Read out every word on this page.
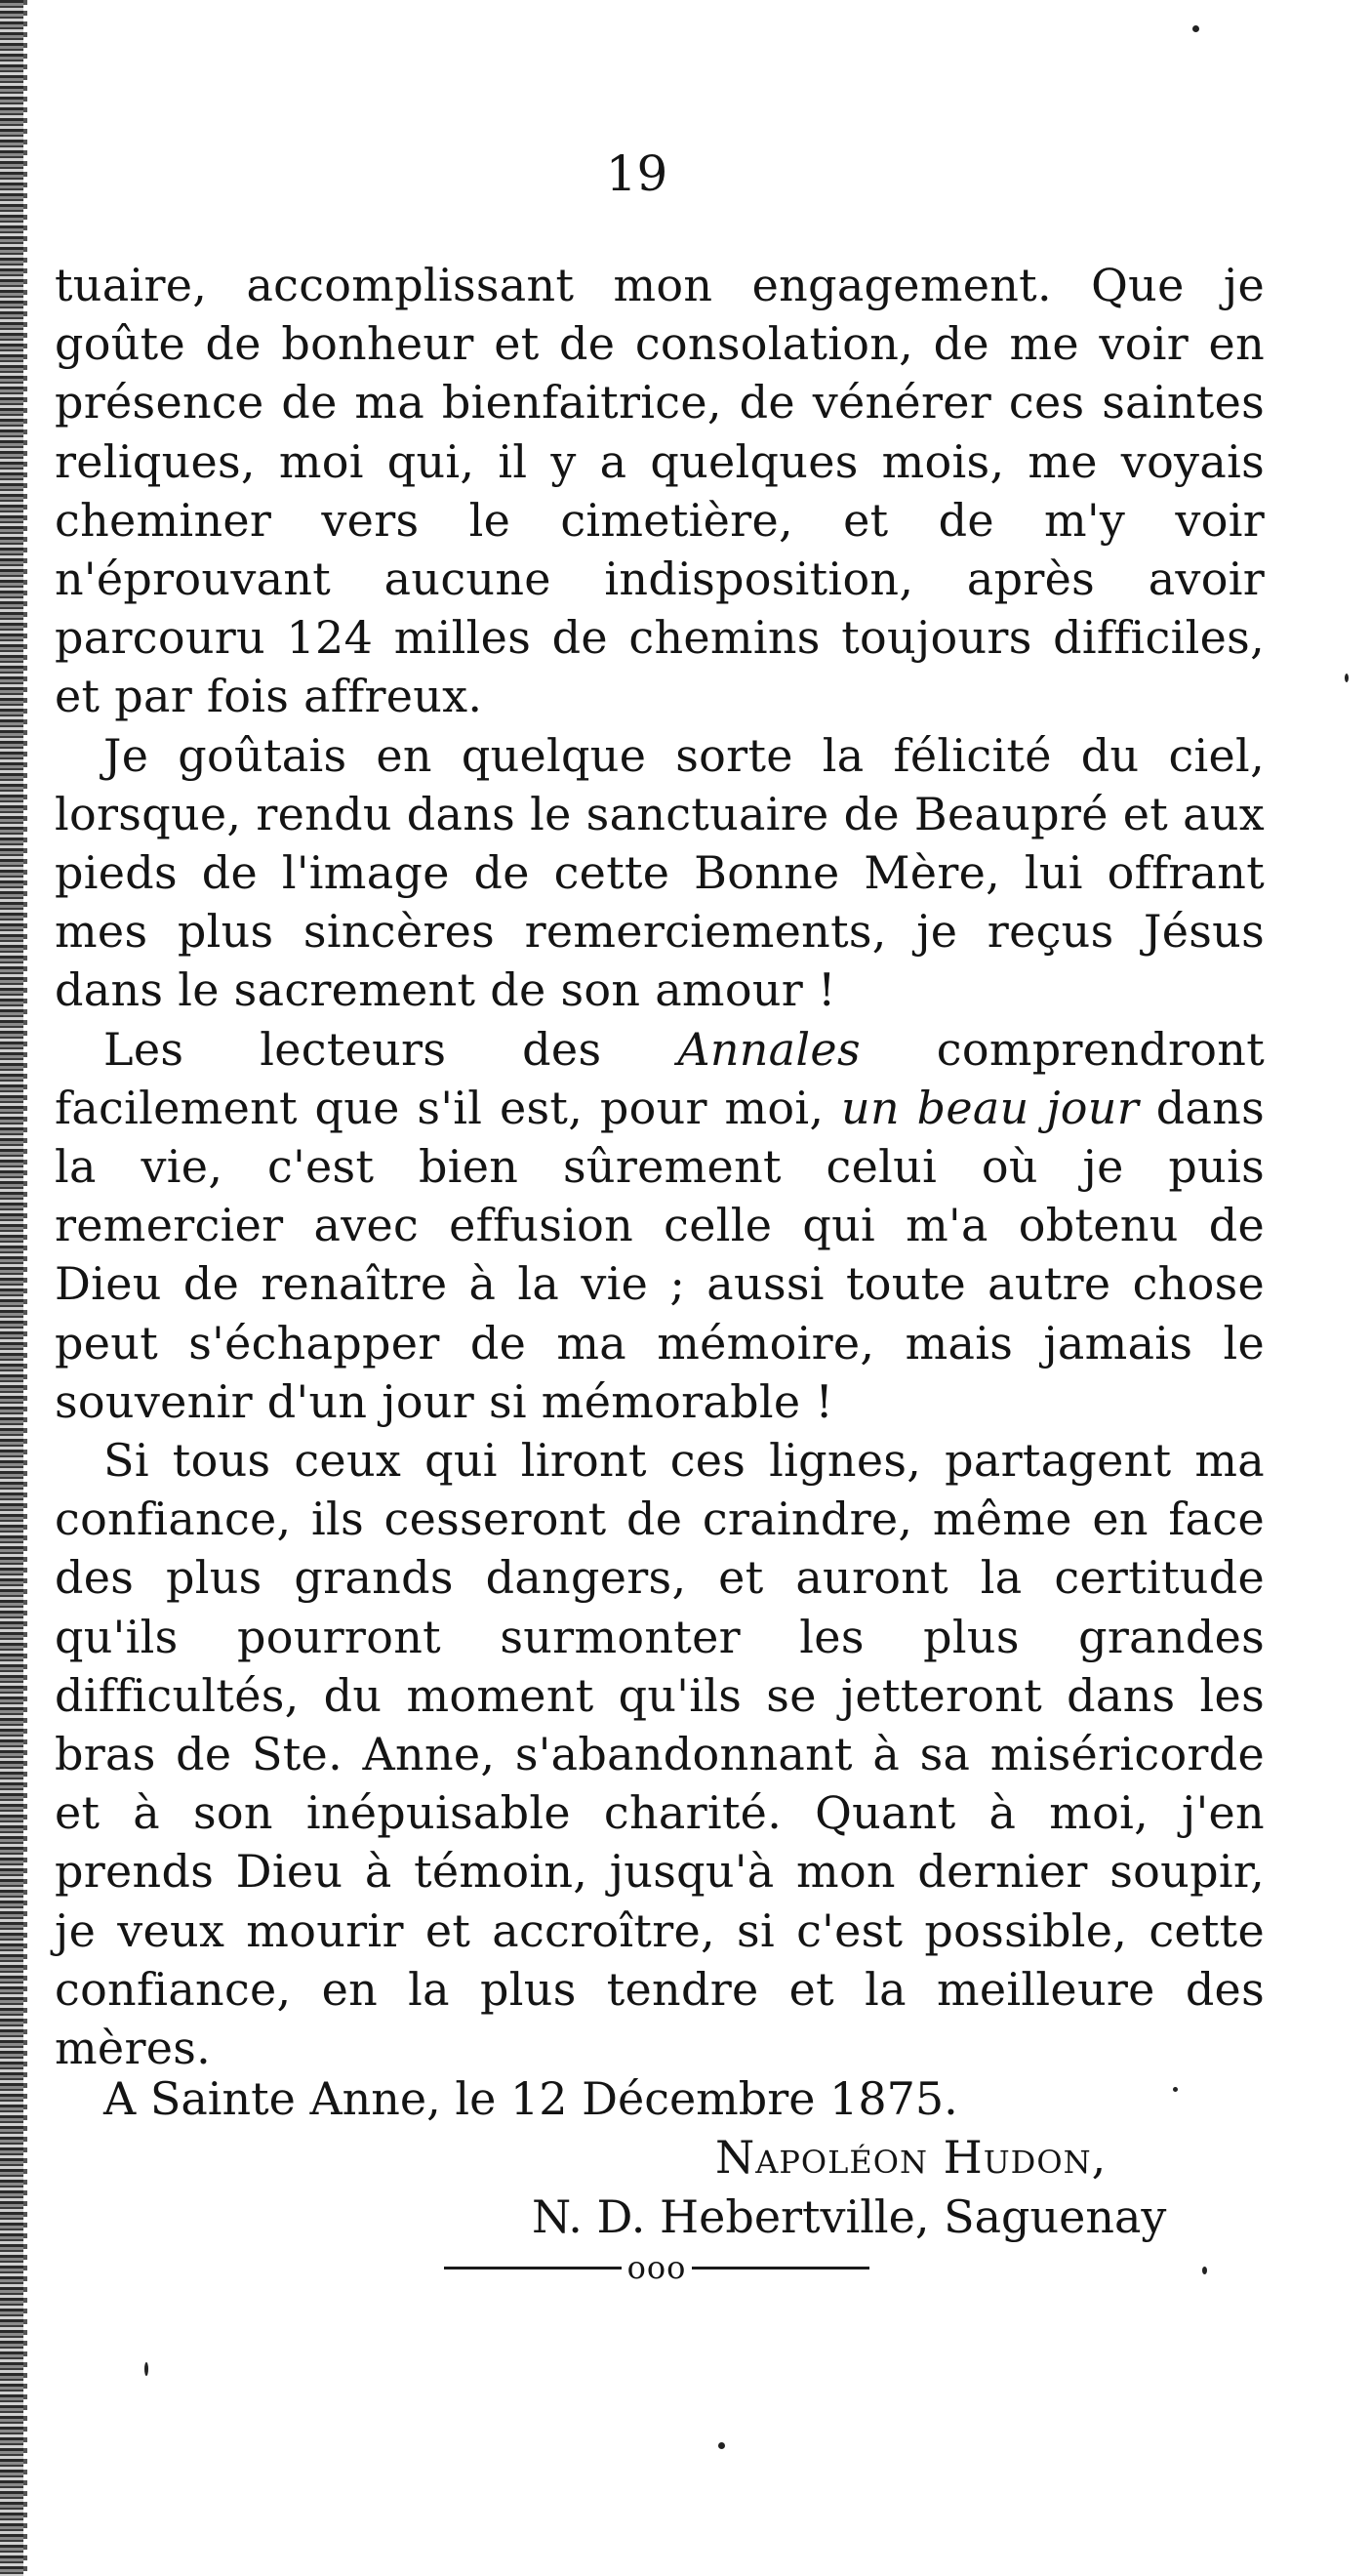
19

tuaire, accomplissant mon engagement. Que je goûte de bonheur et de consolation, de me voir en présence de ma bienfaitrice, de vénérer ces saintes reliques, moi qui, il y a quelques mois, me voyais cheminer vers le cimetière, et de m'y voir n'éprouvant aucune indisposition, après avoir parcouru 124 milles de chemins toujours difficiles, et par fois affreux.

Je goûtais en quelque sorte la félicité du ciel, lorsque, rendu dans le sanctuaire de Beaupré et aux pieds de l'image de cette Bonne Mère, lui offrant mes plus sincères remerciements, je reçus Jésus dans le sacrement de son amour !

Les lecteurs des Annales comprendront facilement que s'il est, pour moi, un beau jour dans la vie, c'est bien sûrement celui où je puis remercier avec effusion celle qui m'a obtenu de Dieu de renaître à la vie ; aussi toute autre chose peut s'échapper de ma mémoire, mais jamais le souvenir d'un jour si mémorable !

Si tous ceux qui liront ces lignes, partagent ma confiance, ils cesseront de craindre, même en face des plus grands dangers, et auront la certitude qu'ils pourront surmonter les plus grandes difficultés, du moment qu'ils se jetteront dans les bras de Ste. Anne, s'abandonnant à sa miséricorde et à son inépuisable charité. Quant à moi, j'en prends Dieu à témoin, jusqu'à mon dernier soupir, je veux mourir et accroître, si c'est possible, cette confiance, en la plus tendre et la meilleure des mères.

A Sainte Anne, le 12 Décembre 1875.
Napoléon Hudon,
N. D. Hebertville, Saguenay
ooo
